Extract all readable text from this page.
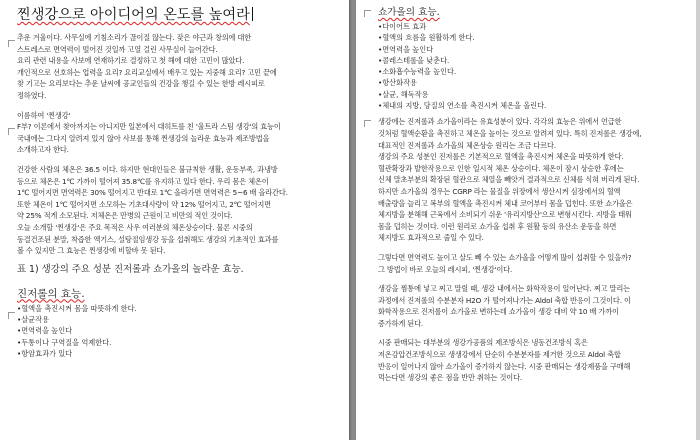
찐생강으로 아이디어의 온도를 높여라
추운 겨울이다. 사무실에 기침소리가 끊이질 않는다. 잦은 야근과 창의에 대한
스트레스로 면역력이 떨어진 것일까 고열 걸린 사무실이 늘어간다.
요리 관련 내용을 사보에 연재하기로 결정하고 첫 해에 대한 고민이 많았다.
개인적으로 선호하는 업력을 요리? 요리교실에서 배우고 있는 지중해 요리? 고민 끝에
찾 기고는 요리보다는 추운 날씨에 공교인들의 건강을 챙길 수 있는 한방 레시피로
정하였다.
이름하여 '찐생강'
F부? 이론에서 찾아까지는 아니지만 일본에서 대히트를 친 '울트라 스팀 생강'의 효능이
국내에는 그다지 알려져 있지 않아 사보를 통해 찐생강의 놀라운 효능과 제조방법을
소개하고자 한다.
건강한 사람의 체온은 36.5 이다. 하지만 현대인들은 불규칙한 생활, 운동부족, 과냉방
등으로 체온은 1℃ 가까이 떨어져 35.8℃를 유지하고 있다 한다. 우리 몸은 체온이
1℃ 떨어지면 면역력은 30% 떨어지고 반대로 1℃ 올라가면 면역력은 5~6 배 올라간다.
또한 체온이 1℃ 떨어지면 소모하는 기초대사량이 약 12% 떨어지고, 2℃ 떨어지면
약 25% 적게 소모된다. 저체온은 만병의 근원이고 비만의 적인 것이다.
오늘 소개할 '찐생강'은 주요 목적은 사우 여러분의 체온상승이다. 물론 시중의
동결건조된 분말, 착즙한 엑기스, 설탕절임생강 등을 섭취해도 생강의 기초적인 효과를
볼 수 있지만 그 효능은 찐생강에 비할바 못 된다.
표 1) 생강의 주요 성분 진저롤과 쇼가올의 놀라운 효능.
진저롤의 효능.
•혈액을 촉진시켜 몸을 따뜻하게 한다.
•살균작용
•면역력을 높인다
•두통이나 구역질을 억제한다.
•항암효과가 있다
쇼가올의 효능.
•다이어트 효과
•혈액의 흐름을 원활하게 한다.
•면역력을 높인다
•콜레스테롤을 낮춘다.
•소화흡수능력을 높인다.
•항산화작용
•살균, 해독작용
•체내의 지방, 당질의 연소를 촉진시켜 체온을 올린다.
생강에는 진저롤과 쇼가올이라는 유효성분이 있다. 각각의 효능은 위에서 언급한
것처럼 혈액순환을 촉진하고 체온을 높이는 것으로 알려져 있다. 특히 진저롤은 생강에,
대표적인 진저롤과 쇼가올의 체온상승 원리는 조금 다르다.
생강의 주요 성분인 진저롤은 기본적으로 혈액을 촉진시켜 체온을 따뜻하게 한다.
혈관확장과 발한작용으로 인한 일시적 체온 상승이다. 체온이 잠시 상승한 후에는
신체 말초부분의 확장된 혈관으로 체열을 빼앗겨 결과적으로 신체를 식혀 버리게 된다.
하지만 쇼가올의 경우는 CGRP 라는 물질을 위장에서 생산시켜 심장에서의 혈액
배출량을 늘리고 복부의 혈액을 촉진시켜 체내 코어부터 몸을 덥힌다. 또한 쇼가올은
체지방을 분해해 근육에서 소비되기 쉬운 '유리지방산'으로 변형시킨다. 지방을 태워
몸을 덥히는 것이다. 이런 원리로 쇼가올 섭취 후 원활 등의 유산소 운동을 하면
체지방도 효과적으로 줄일 수 있다.
그렇다면 면역력도 높이고 살도 빼 수 있는 쇼가올을 어떻게 많이 섭취할 수 있을까?
그 방법이 바로 오늘의 레시피, '찐생강'이다.
생강을 찜통에 넣고 찌고 말릴 때, 생강 내에서는 화학작용이 일어난다. 찌고 말리는
과정에서 진저롤의 수분분자 H2O 가 떨어져나가는 Aldol 축합 반응이 그것이다. 이
화학작용으로 진저롤이 쇼가올로 변하는데 쇼가올이 생강 대비 약 10 배 가까이
증가하게 된다.
시중 판매되는 대부분의 생강가공품의 제조방식은 냉동건조방식 혹은
저온감압건조방식으로 생생강에서 단순히 수분분자를 제거한 것으로 Aldol 축합
반응이 일어나지 않아 쇼가올이 증가하지 않는다. 시중 판매되는 생강제품을 구매해
먹는다면 생강의 좋은 점을 반만 취하는 것이다.
